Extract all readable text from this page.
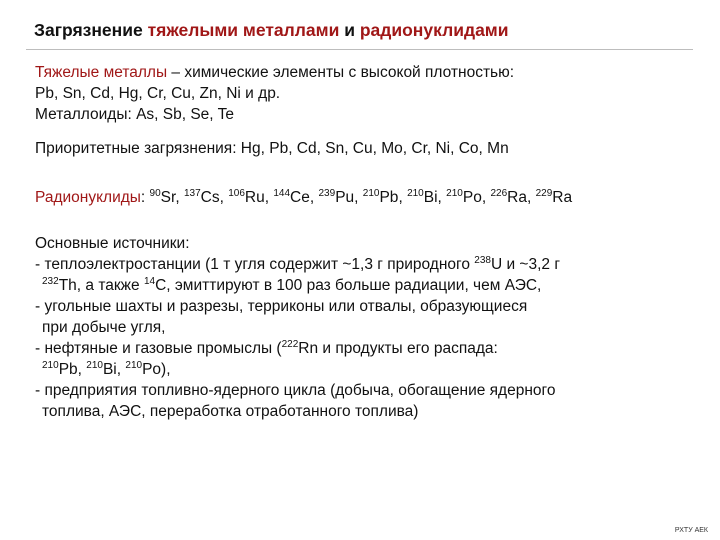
Загрязнение тяжелыми металлами и радионуклидами
Тяжелые металлы – химические элементы с высокой плотностью:
Pb, Sn, Cd, Hg, Cr, Cu, Zn, Ni и др.
Металлоиды: As, Sb, Se, Te
Приоритетные загрязнения: Hg, Pb, Cd, Sn, Cu, Mo, Cr, Ni, Co, Mn
Радионуклиды: $^{90}$Sr, $^{137}$Cs, $^{106}$Ru, $^{144}$Ce, $^{239}$Pu, $^{210}$Pb, $^{210}$Bi, $^{210}$Po, $^{226}$Ra, $^{229}$Ra
Основные источники:
- теплоэлектростанции (1 т угля содержит ~1,3 г природного $^{238}$U и ~3,2 г
$^{232}$Th, а также $^{14}$C, эмиттируют в 100 раз больше радиации, чем АЭС,
- угольные шахты и разрезы, терриконы или отвалы, образующиеся
при добыче угля,
- нефтяные и газовые промыслы ($^{222}$Rn и продукты его распада:
$^{210}$Pb, $^{210}$Bi, $^{210}$Po),
- предприятия топливно-ядерного цикла (добыча, обогащение ядерного
топлива, АЭС, переработка отработанного топлива)
РХТУ АЕК
